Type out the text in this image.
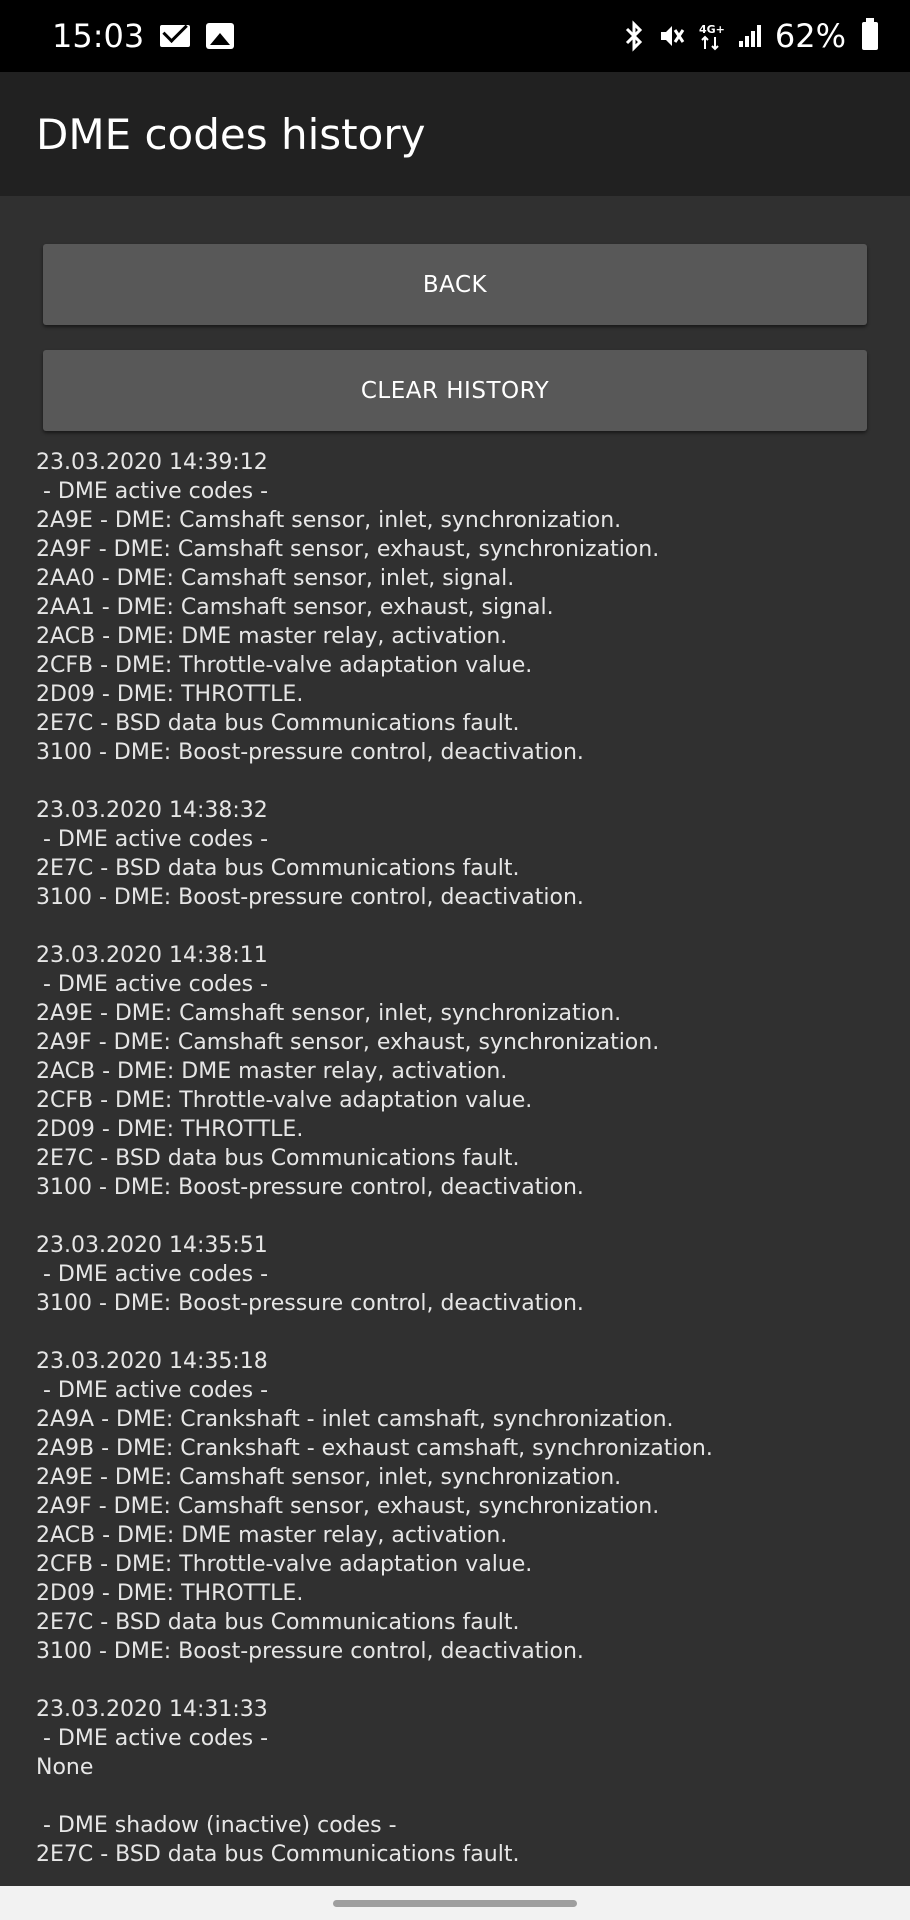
15:03	4G+ 62%
DME codes history
BACK
CLEAR HISTORY
23.03.2020 14:39:12
- DME active codes -
2A9E - DME: Camshaft sensor, inlet, synchronization.
2A9F - DME: Camshaft sensor, exhaust, synchronization.
2AA0 - DME: Camshaft sensor, inlet, signal.
2AA1 - DME: Camshaft sensor, exhaust, signal.
2ACB - DME: DME master relay, activation.
2CFB - DME: Throttle-valve adaptation value.
2D09 - DME: THROTTLE.
2E7C - BSD data bus Communications fault.
3100 - DME: Boost-pressure control, deactivation.
23.03.2020 14:38:32
- DME active codes -
2E7C - BSD data bus Communications fault.
3100 - DME: Boost-pressure control, deactivation.
23.03.2020 14:38:11
- DME active codes -
2A9E - DME: Camshaft sensor, inlet, synchronization.
2A9F - DME: Camshaft sensor, exhaust, synchronization.
2ACB - DME: DME master relay, activation.
2CFB - DME: Throttle-valve adaptation value.
2D09 - DME: THROTTLE.
2E7C - BSD data bus Communications fault.
3100 - DME: Boost-pressure control, deactivation.
23.03.2020 14:35:51
- DME active codes -
3100 - DME: Boost-pressure control, deactivation.
23.03.2020 14:35:18
- DME active codes -
2A9A - DME: Crankshaft - inlet camshaft, synchronization.
2A9B - DME: Crankshaft - exhaust camshaft, synchronization.
2A9E - DME: Camshaft sensor, inlet, synchronization.
2A9F - DME: Camshaft sensor, exhaust, synchronization.
2ACB - DME: DME master relay, activation.
2CFB - DME: Throttle-valve adaptation value.
2D09 - DME: THROTTLE.
2E7C - BSD data bus Communications fault.
3100 - DME: Boost-pressure control, deactivation.
23.03.2020 14:31:33
- DME active codes -
None
- DME shadow (inactive) codes -
2E7C - BSD data bus Communications fault.
